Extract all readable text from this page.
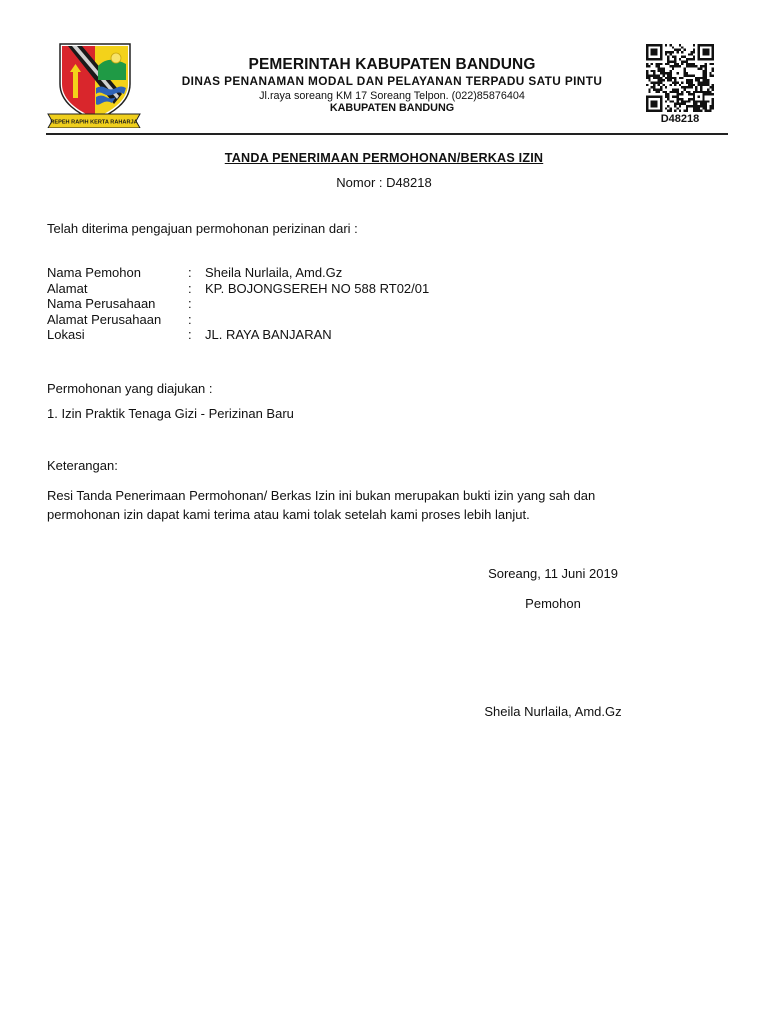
REPEH RAPIH KERTA RAHARJA
PEMERINTAH KABUPATEN BANDUNG
DINAS PENANAMAN MODAL DAN PELAYANAN TERPADU SATU PINTU
Jl.raya soreang KM 17 Soreang Telpon. (022)85876404
KABUPATEN BANDUNG
D48218
TANDA PENERIMAAN PERMOHONAN/BERKAS IZIN
Nomor : D48218
Telah diterima pengajuan permohonan perizinan dari :
Nama Pemohon	: Sheila Nurlaila, Amd.Gz
Alamat	: KP. BOJONGSEREH NO 588 RT02/01
Nama Perusahaan	:
Alamat Perusahaan :
Lokasi	: JL. RAYA BANJARAN
Permohonan yang diajukan :
1. Izin Praktik Tenaga Gizi - Perizinan Baru
Keterangan:
Resi Tanda Penerimaan Permohonan/ Berkas Izin ini bukan merupakan bukti izin yang sah dan
permohonan izin dapat kami terima atau kami tolak setelah kami proses lebih lanjut.
Soreang, 11 Juni 2019
Pemohon
Sheila Nurlaila, Amd.Gz
